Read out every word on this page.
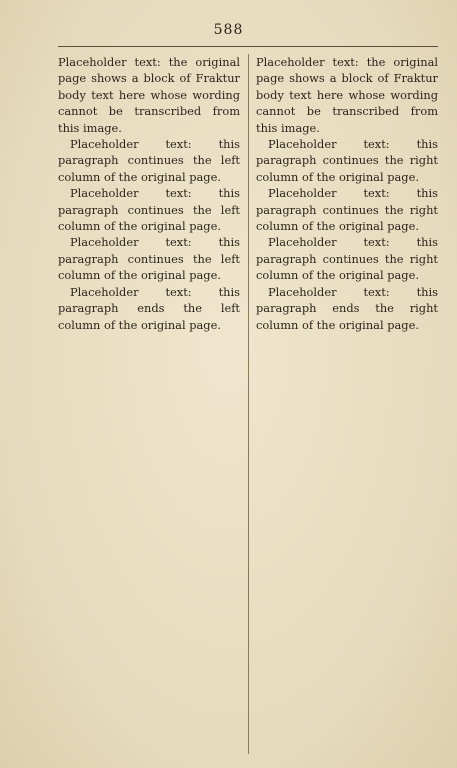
588

Placeholder text: the original page shows a block of Fraktur body text here whose wording cannot be transcribed from this image.

Placeholder text: this paragraph continues the left column of the original page.

Placeholder text: this paragraph continues the left column of the original page.

Placeholder text: this paragraph continues the left column of the original page.

Placeholder text: this paragraph ends the left column of the original page.

Placeholder text: the original page shows a block of Fraktur body text here whose wording cannot be transcribed from this image.

Placeholder text: this paragraph continues the right column of the original page.

Placeholder text: this paragraph continues the right column of the original page.

Placeholder text: this paragraph continues the right column of the original page.

Placeholder text: this paragraph ends the right column of the original page.
